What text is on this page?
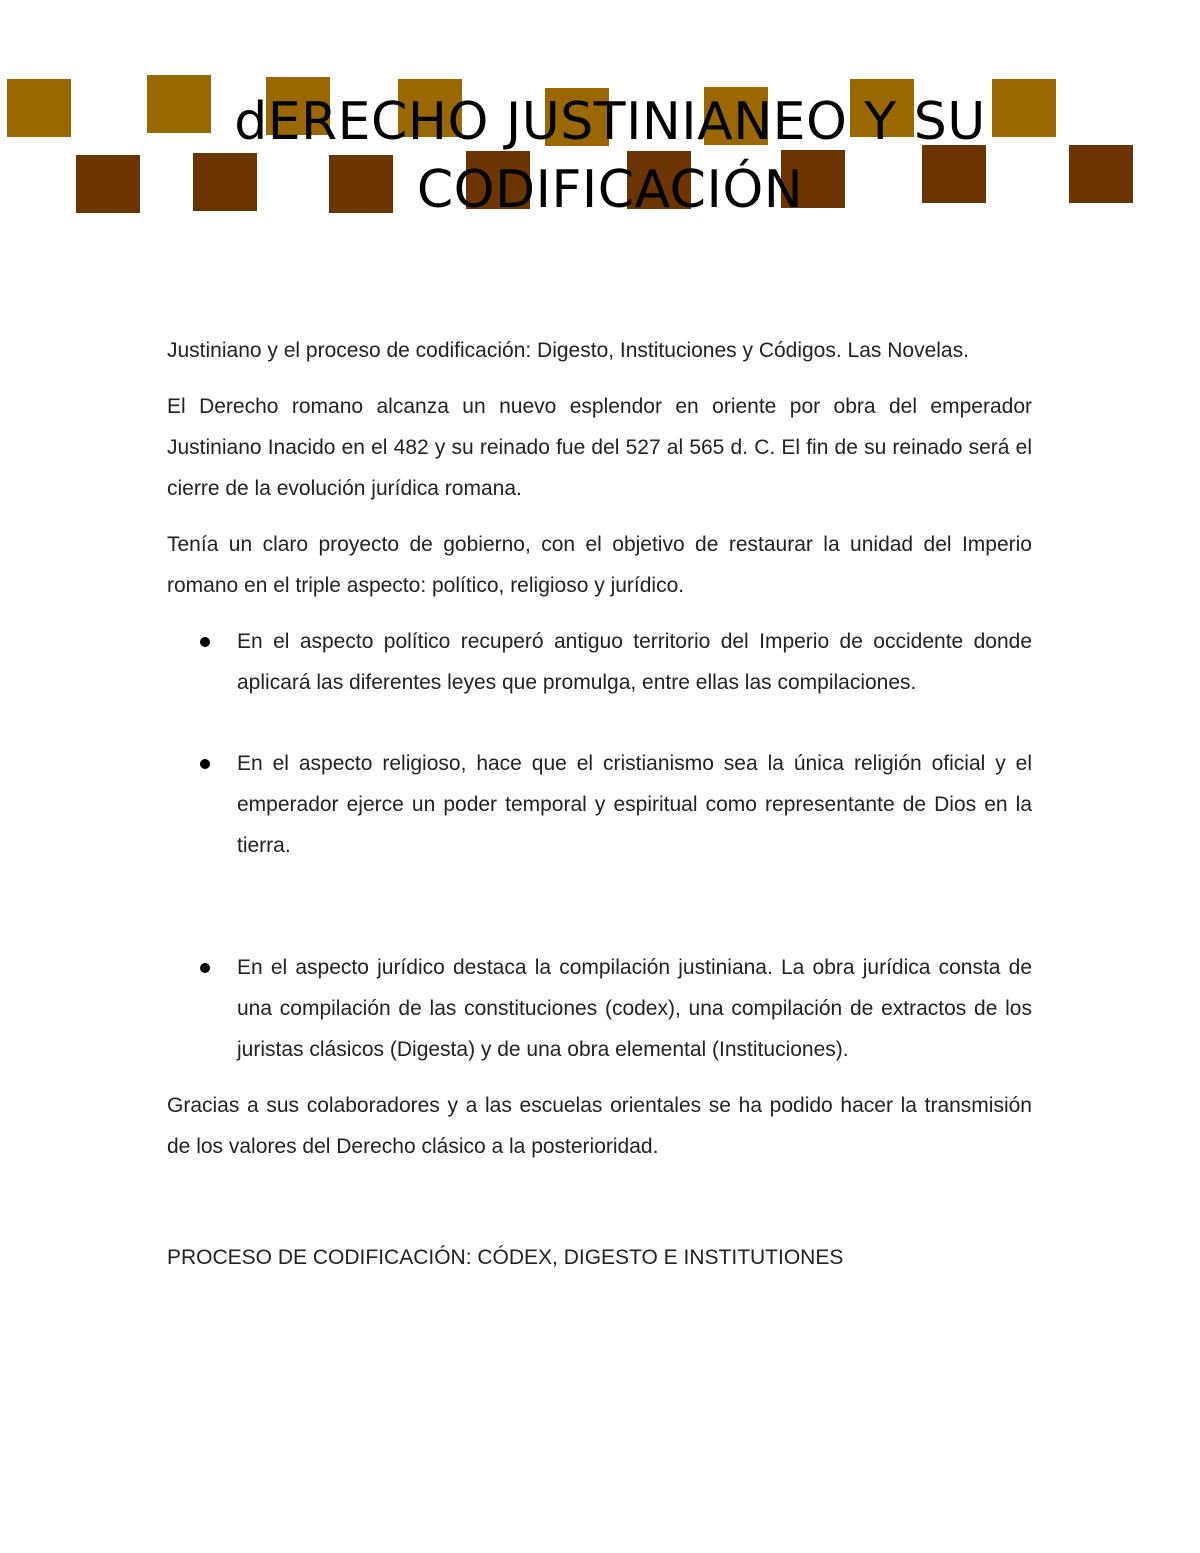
dERECHO JUSTINIANEO Y SU CODIFICACIÓN

Justiniano y el proceso de codificación: Digesto, Instituciones y Códigos. Las Novelas.

El Derecho romano alcanza un nuevo esplendor en oriente por obra del emperador Justiniano Inacido en el 482 y su reinado fue del 527 al 565 d. C. El fin de su reinado será el cierre de la evolución jurídica romana.

Tenía un claro proyecto de gobierno, con el objetivo de restaurar la unidad del Imperio romano en el triple aspecto: político, religioso y jurídico.

En el aspecto político recuperó antiguo territorio del Imperio de occidente donde aplicará las diferentes leyes que promulga, entre ellas las compilaciones.
En el aspecto religioso, hace que el cristianismo sea la única religión oficial y el emperador ejerce un poder temporal y espiritual como representante de Dios en la tierra.
En el aspecto jurídico destaca la compilación justiniana. La obra jurídica consta de una compilación de las constituciones (codex), una compilación de extractos de los juristas clásicos (Digesta) y de una obra elemental (Instituciones).

Gracias a sus colaboradores y a las escuelas orientales se ha podido hacer la transmisión de los valores del Derecho clásico a la posterioridad.

PROCESO DE CODIFICACIÓN: CÓDEX, DIGESTO E INSTITUTIONES
